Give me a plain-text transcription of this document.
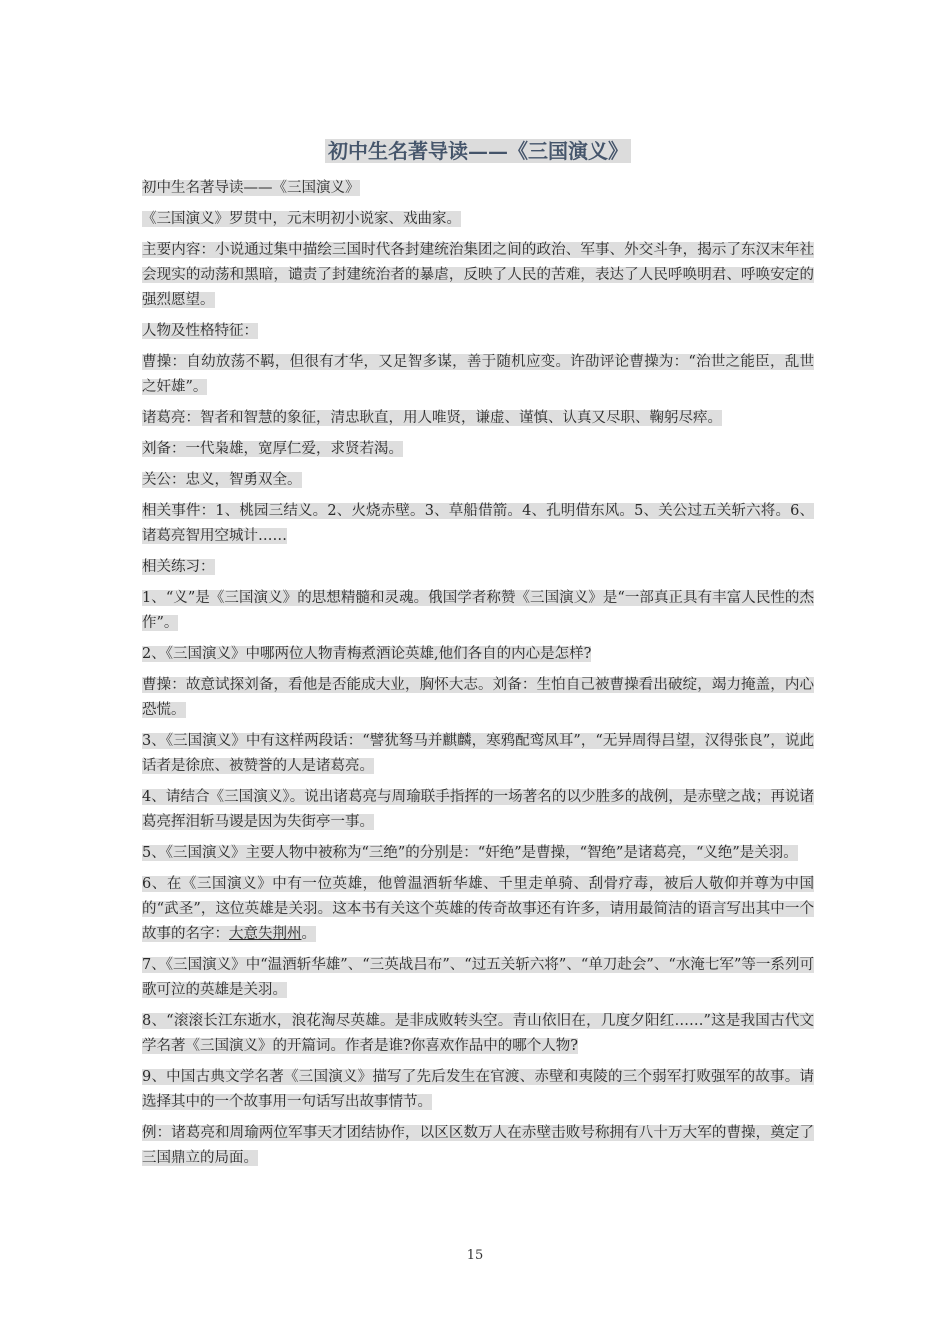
初中生名著导读——《三国演义》

初中生名著导读——《三国演义》

《三国演义》罗贯中，元末明初小说家、戏曲家。

主要内容：小说通过集中描绘三国时代各封建统治集团之间的政治、军事、外交斗争，揭示了东汉末年社会现实的动荡和黑暗，谴责了封建统治者的暴虐，反映了人民的苦难，表达了人民呼唤明君、呼唤安定的强烈愿望。

人物及性格特征：

曹操：自幼放荡不羁，但很有才华，又足智多谋，善于随机应变。许劭评论曹操为：“治世之能臣，乱世之奸雄”。

诸葛亮：智者和智慧的象征，清忠耿直，用人唯贤，谦虚、谨慎、认真又尽职、鞠躬尽瘁。

刘备：一代枭雄，宽厚仁爱，求贤若渴。

关公：忠义，智勇双全。

相关事件：1、桃园三结义。2、火烧赤壁。3、草船借箭。4、孔明借东风。5、关公过五关斩六将。6、诸葛亮智用空城计……

相关练习：

1、“义”是《三国演义》的思想精髓和灵魂。俄国学者称赞《三国演义》是“一部真正具有丰富人民性的杰作”。

2、《三国演义》中哪两位人物青梅煮酒论英雄,他们各自的内心是怎样?

曹操：故意试探刘备，看他是否能成大业，胸怀大志。刘备：生怕自己被曹操看出破绽，竭力掩盖，内心恐慌。

3、《三国演义》中有这样两段话：“譬犹驽马并麒麟，寒鸦配鸾凤耳”，“无异周得吕望，汉得张良”，说此话者是徐庶、被赞誉的人是诸葛亮。

4、请结合《三国演义》。说出诸葛亮与周瑜联手指挥的一场著名的以少胜多的战例，是赤壁之战；再说诸葛亮挥泪斩马谡是因为失街亭一事。

5、《三国演义》主要人物中被称为“三绝”的分别是：“奸绝”是曹操，“智绝”是诸葛亮，“义绝”是关羽。

6、在《三国演义》中有一位英雄，他曾温酒斩华雄、千里走单骑、刮骨疗毒，被后人敬仰并尊为中国的“武圣”，这位英雄是关羽。这本书有关这个英雄的传奇故事还有许多，请用最简洁的语言写出其中一个故事的名字：大意失荆州。

7、《三国演义》中“温酒斩华雄”、“三英战吕布”、“过五关斩六将”、“单刀赴会”、“水淹七军”等一系列可歌可泣的英雄是关羽。

8、“滚滚长江东逝水，浪花淘尽英雄。是非成败转头空。青山依旧在，几度夕阳红……”这是我国古代文学名著《三国演义》的开篇词。作者是谁?你喜欢作品中的哪个人物?

9、中国古典文学名著《三国演义》描写了先后发生在官渡、赤壁和夷陵的三个弱军打败强军的故事。请选择其中的一个故事用一句话写出故事情节。

例：诸葛亮和周瑜两位军事天才团结协作，以区区数万人在赤壁击败号称拥有八十万大军的曹操，奠定了三国鼎立的局面。

15
